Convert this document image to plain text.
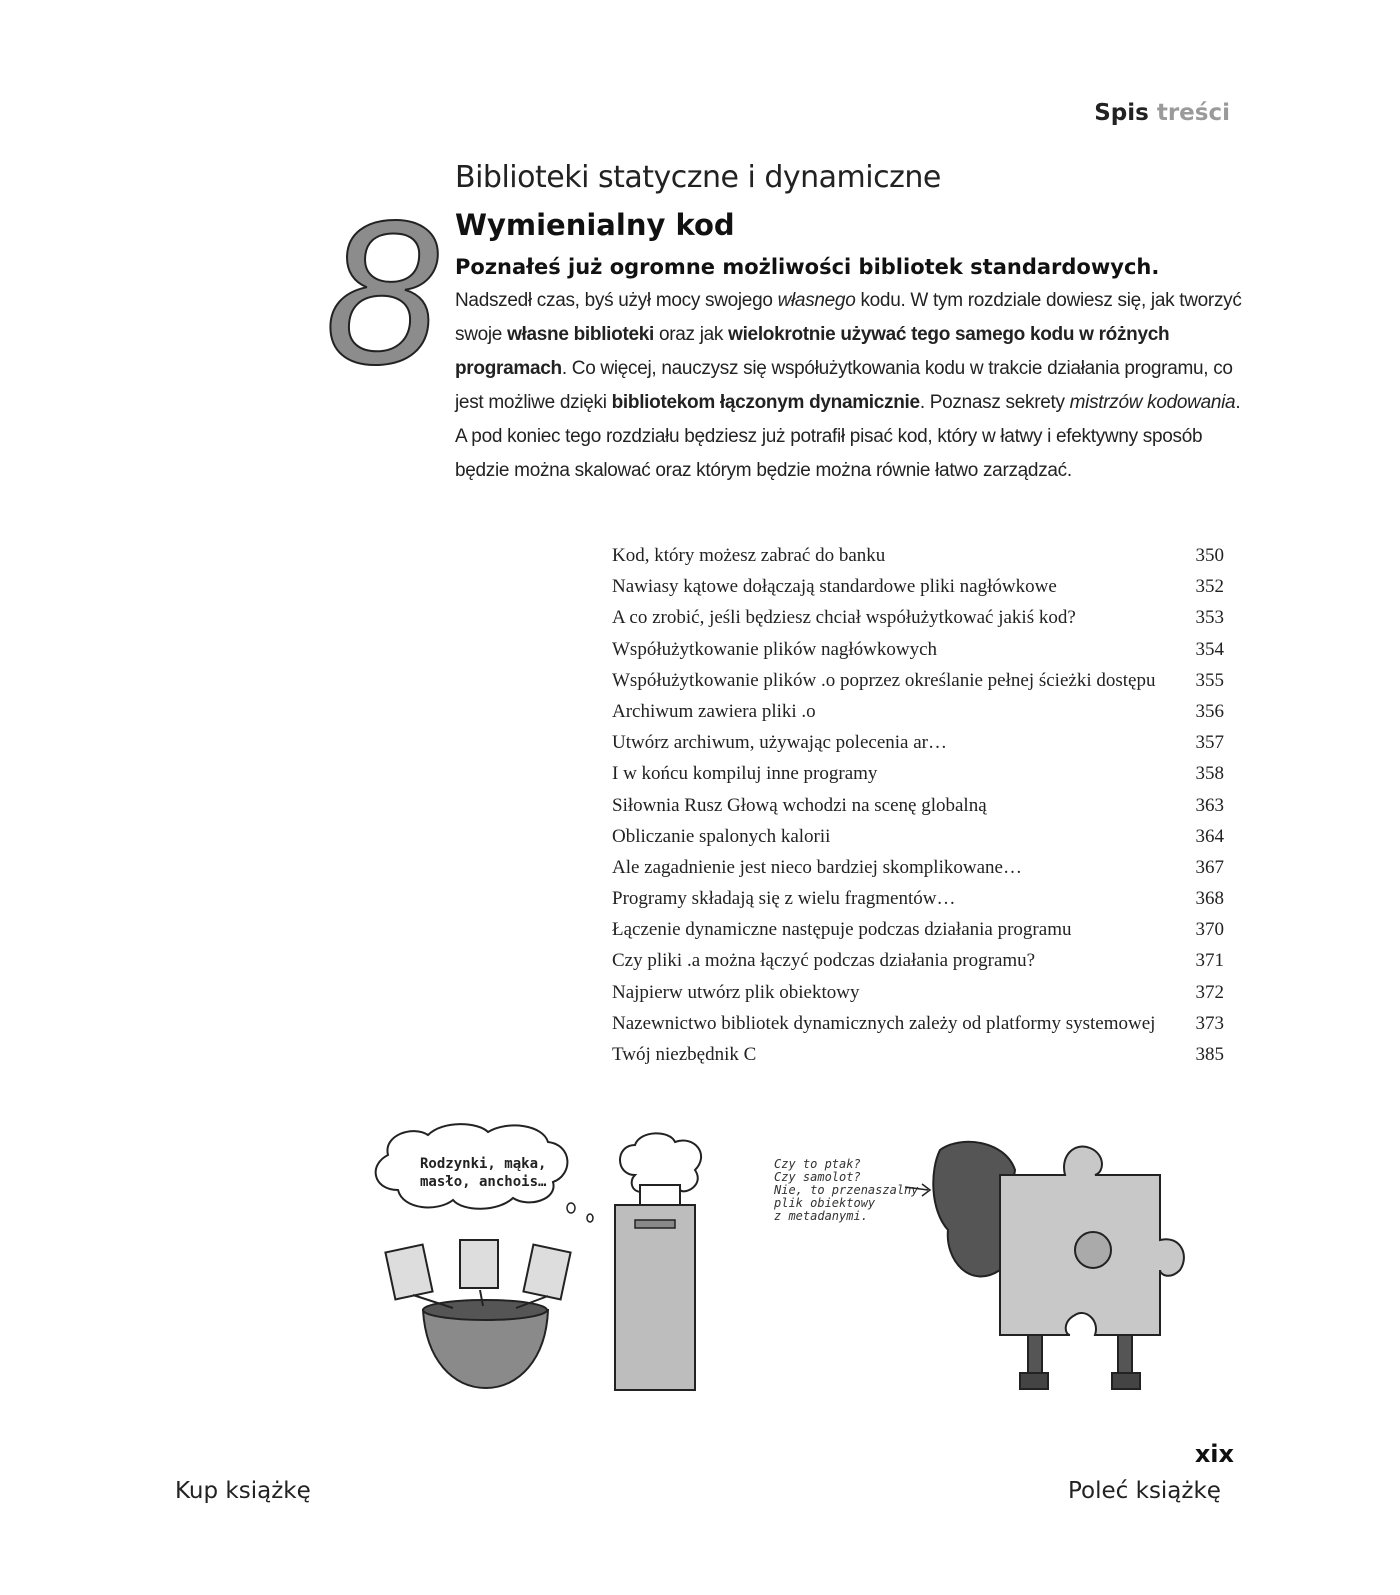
Spis treści
8
Biblioteki statyczne i dynamiczne
Wymienialny kod
Poznałeś już ogromne możliwości bibliotek standardowych.
Nadszedł czas, byś użył mocy swojego własnego kodu. W tym rozdziale dowiesz się, jak tworzyć swoje własne biblioteki oraz jak wielokrotnie używać tego samego kodu w różnych programach. Co więcej, nauczysz się współużytkowania kodu w trakcie działania programu, co jest możliwe dzięki bibliotekom łączonym dynamicznie. Poznasz sekrety mistrzów kodowania. A pod koniec tego rozdziału będziesz już potrafił pisać kod, który w łatwy i efektywny sposób będzie można skalować oraz którym będzie można równie łatwo zarządzać.
Kod, który możesz zabrać do banku	350
Nawiasy kątowe dołączają standardowe pliki nagłówkowe	352
A co zrobić, jeśli będziesz chciał współużytkować jakiś kod?	353
Współużytkowanie plików nagłówkowych	354
Współużytkowanie plików .o poprzez określanie pełnej ścieżki dostępu	355
Archiwum zawiera pliki .o	356
Utwórz archiwum, używając polecenia ar…	357
I w końcu kompiluj inne programy	358
Siłownia Rusz Głową wchodzi na scenę globalną	363
Obliczanie spalonych kalorii	364
Ale zagadnienie jest nieco bardziej skomplikowane…	367
Programy składają się z wielu fragmentów…	368
Łączenie dynamiczne następuje podczas działania programu	370
Czy pliki .a można łączyć podczas działania programu?	371
Najpierw utwórz plik obiektowy	372
Nazewnictwo bibliotek dynamicznych zależy od platformy systemowej	373
Twój niezbędnik C	385
Rodzynki, mąka,
masło, anchois…
Czy to ptak?
Czy samolot?
Nie, to przenaszalny
plik obiektowy
z metadanymi.
xix
Kup książkę	Poleć książkę
